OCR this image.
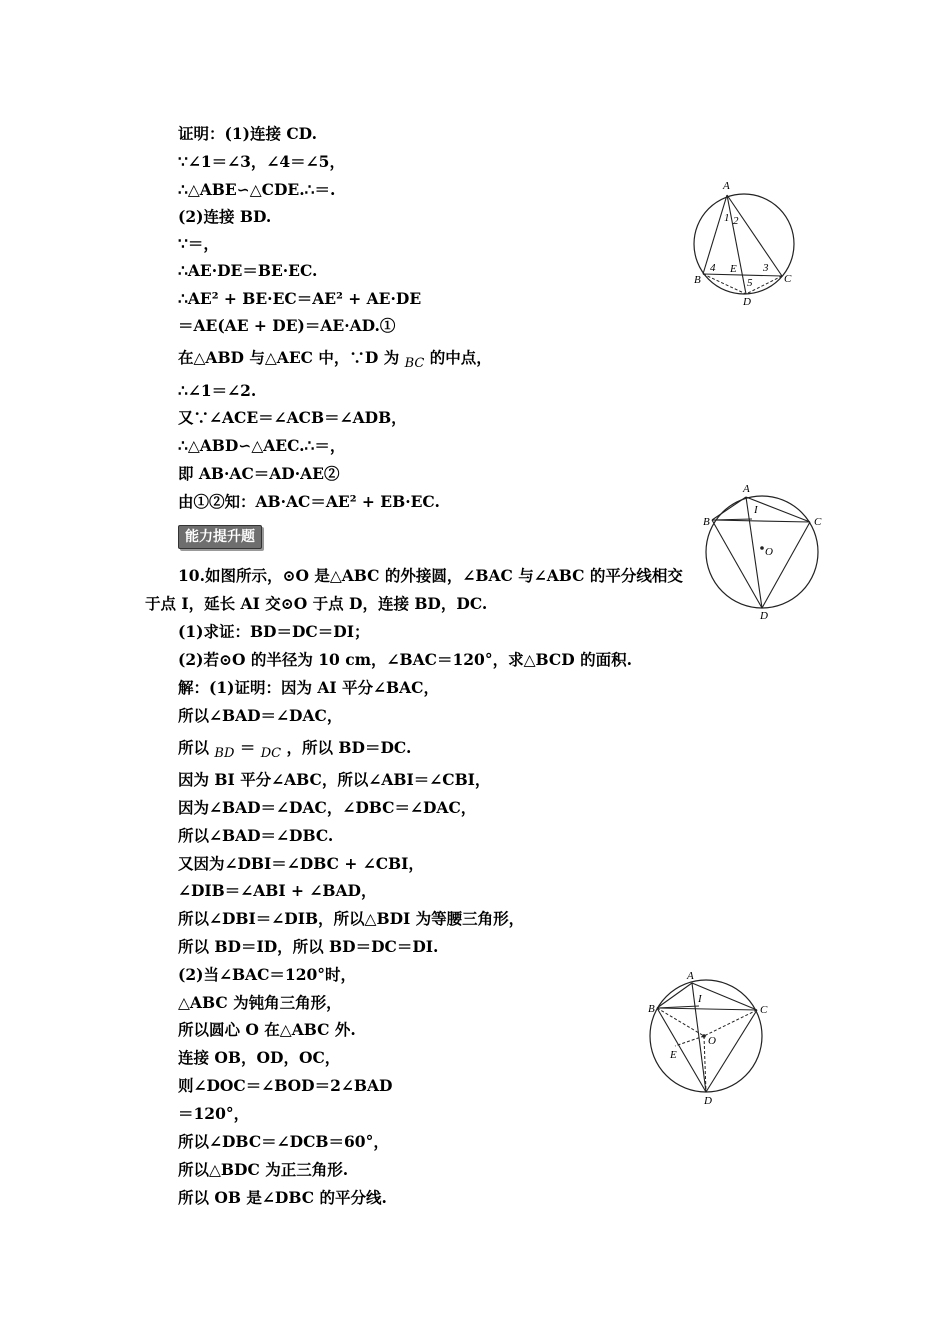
证明：(1)连接 CD.
∵∠1＝∠3，∠4＝∠5，
∴△ABE∽△CDE.∴＝.
(2)连接 BD.
∵＝，
∴AE·DE＝BE·EC.
∴AE² + BE·EC＝AE² + AE·DE
＝AE(AE + DE)＝AE·AD.①
在△ABD 与△AEC 中，∵D 为 $_{BC}$ 的中点，
∴∠1＝∠2.
又∵∠ACE＝∠ACB＝∠ADB，
∴△ABD∽△AEC.∴＝，
即 AB·AC＝AD·AE②
由①②知：AB·AC＝AE² + EB·EC.
A
B	C
D
E
1 2
3
4
5
能力提升题
10.如图所示，⊙O 是△ABC 的外接圆，∠BAC 与∠ABC 的平分线相交
于点 I，延长 AI 交⊙O 于点 D，连接 BD，DC.
(1)求证：BD＝DC＝DI；
(2)若⊙O 的半径为 10 cm，∠BAC＝120°，求△BCD 的面积.
A
B	C
D
I
O
解：(1)证明：因为 AI 平分∠BAC，
所以∠BAD＝∠DAC，
所以 $_{BD}$ ＝ $_{DC}$ ，所以 BD＝DC.
因为 BI 平分∠ABC，所以∠ABI＝∠CBI，
因为∠BAD＝∠DAC，∠DBC＝∠DAC，
所以∠BAD＝∠DBC.
又因为∠DBI＝∠DBC + ∠CBI，
∠DIB＝∠ABI + ∠BAD，
所以∠DBI＝∠DIB，所以△BDI 为等腰三角形，
所以 BD＝ID，所以 BD＝DC＝DI.
(2)当∠BAC＝120°时，
△ABC 为钝角三角形，
所以圆心 O 在△ABC 外.
连接 OB，OD，OC，
则∠DOC＝∠BOD＝2∠BAD
＝120°，
所以∠DBC＝∠DCB＝60°，
所以△BDC 为正三角形.
所以 OB 是∠DBC 的平分线.
A
B	C
D
I
O
E
